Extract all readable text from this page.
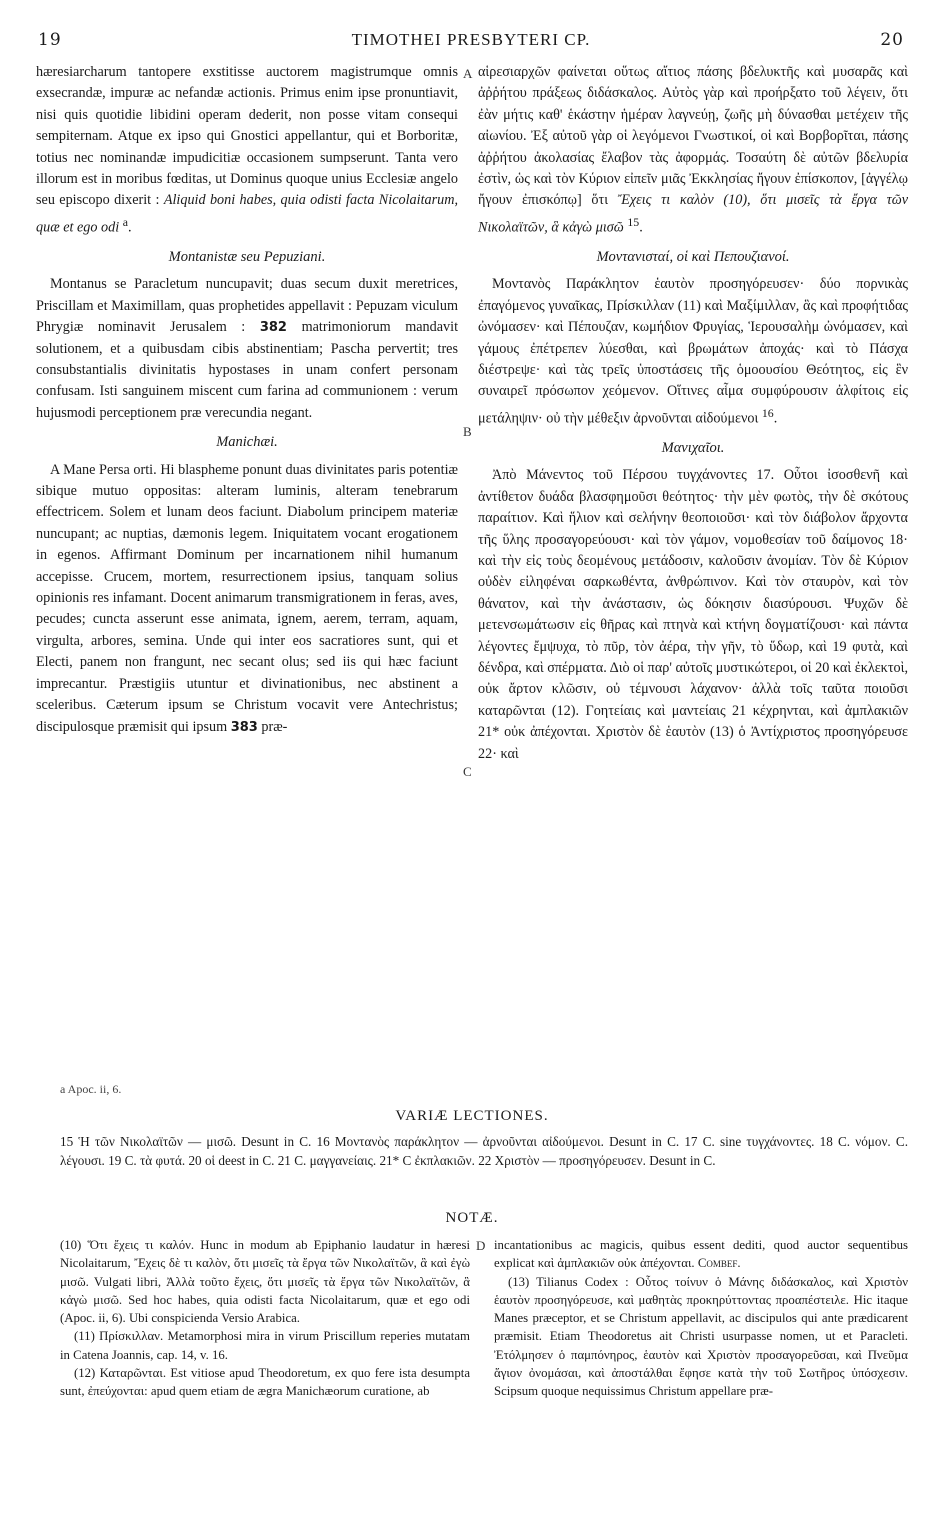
19	TIMOTHEI PRESBYTERI CP.	20

hæresiarcharum tantopere exstitisse auctorem magistrumque omnis exsecrandæ, impuræ ac nefandæ actionis. Primus enim ipse pronuntiavit, nisi quis quotidie libidini operam dederit, non posse vitam consequi sempiternam. Atque ex ipso qui Gnostici appellantur, qui et Borboritæ, totius nec nominandæ impudicitiæ occasionem sumpserunt. Tanta vero illorum est in moribus fœditas, ut Dominus quoque unius Ecclesiæ angelo seu episcopo dixerit : Aliquid boni habes, quia odisti facta Nicolaitarum, quæ et ego odi $^a$.

Montanistæ seu Pepuziani.

Montanus se Paracletum nuncupavit; duas secum duxit meretrices, Priscillam et Maximillam, quas prophetides appellavit : Pepuzam viculum Phrygiæ nominavit Jerusalem : 382 matrimoniorum mandavit solutionem, et a quibusdam cibis abstinentiam; Pascha pervertit; tres consubstantialis divinitatis hypostases in unam confert personam confusam. Isti sanguinem miscent cum farina ad communionem : verum hujusmodi perceptionem præ verecundia negant.

Manichæi.

A Mane Persa orti. Hi blaspheme ponunt duas divinitates paris potentiæ sibique mutuo oppositas: alteram luminis, alteram tenebrarum effectricem. Solem et lunam deos faciunt. Diabolum principem materiæ nuncupant; ac nuptias, dæmonis legem. Iniquitatem vocant erogationem in egenos. Affirmant Dominum per incarnationem nihil humanum accepisse. Crucem, mortem, resurrectionem ipsius, tanquam solius opinionis res infamant. Docent animarum transmigrationem in feras, aves, pecudes; cuncta asserunt esse animata, ignem, aerem, terram, aquam, virgulta, arbores, semina. Unde qui inter eos sacratiores sunt, qui et Electi, panem non frangunt, nec secant olus; sed iis qui hæc faciunt imprecantur. Præstigiis utuntur et divinationibus, nec abstinent a sceleribus. Cæterum ipsum se Christum vocavit vere Antechristus; discipulosque præmisit qui ipsum 383 præ-

A
B
C

αἱρεσιαρχῶν φαίνεται οὕτως αἴτιος πάσης βδελυκτῆς καὶ μυσαρᾶς καὶ ἀῤῥήτου πράξεως διδάσκαλος. Αὐτὸς γὰρ καὶ προήρξατο τοῦ λέγειν, ὅτι ἐὰν μήτις καθ' ἑκάστην ἡμέραν λαγνεύῃ, ζωῆς μὴ δύνασθαι μετέχειν τῆς αἰωνίου. Ἐξ αὐτοῦ γὰρ οἱ λεγόμενοι Γνωστικοί, οἱ καὶ Βορβορῖται, πάσης ἀῤῥήτου ἀκολασίας ἔλαβον τὰς ἀφορμάς. Τοσαύτη δὲ αὐτῶν βδελυρία ἐστὶν, ὡς καὶ τὸν Κύριον εἰπεῖν μιᾶς Ἐκκλησίας ἤγουν ἐπίσκοπον, [ἀγγέλῳ ἤγουν ἐπισκόπῳ] ὅτι Ἔχεις τι καλὸν (10), ὅτι μισεῖς τὰ ἔργα τῶν Νικολαϊτῶν, ἃ κἀγὼ μισῶ $^{15}$.

Μοντανισταί, οἱ καὶ Πεπουζιανοί.

Μοντανὸς Παράκλητον ἑαυτὸν προσηγόρευσεν· δύο πορνικὰς ἐπαγόμενος γυναῖκας, Πρίσκιλλαν (11) καὶ Μαξίμιλλαν, ἃς καὶ προφήτιδας ὠνόμασεν· καὶ Πέπουζαν, κωμήδιον Φρυγίας, Ἱερουσαλὴμ ὠνόμασεν, καὶ γάμους ἐπέτρεπεν λύεσθαι, καὶ βρωμάτων ἀποχάς· καὶ τὸ Πάσχα διέστρεψε· καὶ τὰς τρεῖς ὑποστάσεις τῆς ὁμοουσίου Θεότητος, εἰς ἓν συναιρεῖ πρόσωπον χεόμενον. Οἵτινες αἷμα συμφύρουσιν ἀλφίτοις εἰς μετάληψιν· οὐ τὴν μέθεξιν ἀρνοῦνται αἰδούμενοι $^{16}$.

Μανιχαῖοι.

Ἀπὸ Μάνεντος τοῦ Πέρσου τυγχάνοντες 17. Οὗτοι ἰσοσθενῆ καὶ ἀντίθετον δυάδα βλασφημοῦσι θεότητος· τὴν μὲν φωτὸς, τὴν δὲ σκότους παραίτιον. Καὶ ἥλιον καὶ σελήνην θεοποιοῦσι· καὶ τὸν διάβολον ἄρχοντα τῆς ὕλης προσαγορεύουσι· καὶ τὸν γάμον, νομοθεσίαν τοῦ δαίμονος 18· καὶ τὴν εἰς τοὺς δεομένους μετάδοσιν, καλοῦσιν ἀνομίαν. Τὸν δὲ Κύριον οὐδὲν εἰληφέναι σαρκωθέντα, ἀνθρώπινον. Καὶ τὸν σταυρὸν, καὶ τὸν θάνατον, καὶ τὴν ἀνάστασιν, ὡς δόκησιν διασύρουσι. Ψυχῶν δὲ μετενσωμάτωσιν εἰς θῆρας καὶ πτηνὰ καὶ κτήνη δογματίζουσι· καὶ πάντα λέγοντες ἔμψυχα, τὸ πῦρ, τὸν ἀέρα, τὴν γῆν, τὸ ὕδωρ, καὶ 19 φυτὰ, καὶ δένδρα, καὶ σπέρματα. Διὸ οἱ παρ' αὐτοῖς μυστικώτεροι, οἱ 20 καὶ ἐκλεκτοὶ, οὐκ ἄρτον κλῶσιν, οὐ τέμνουσι λάχανον· ἀλλὰ τοῖς ταῦτα ποιοῦσι καταρῶνται (12). Γοητείαις καὶ μαντείαις 21 κέχρηνται, καὶ ἀμπλακιῶν 21* οὐκ ἀπέχονται. Χριστὸν δὲ ἑαυτὸν (13) ὁ Ἀντίχριστος προσηγόρευσε 22· καὶ

a Apoc. ii, 6.
VARIÆ LECTIONES.
15 Ἡ τῶν Νικολαϊτῶν — μισῶ. Desunt in C. 16 Μοντανὸς παράκλητον — ἀρνοῦνται αἰδούμενοι. Desunt in C. 17 C. sine τυγχάνοντες. 18 C. νόμον. C. λέγουσι. 19 C. τὰ φυτά. 20 οἱ deest in C. 21 C. μαγγανείαις. 21* C ἐκπλακιῶν. 22 Χριστὸν — προσηγόρευσεν. Desunt in C.
NOTÆ.
D

(10) Ὅτι ἔχεις τι καλόν. Hunc in modum ab Epiphanio laudatur in hæresi Nicolaitarum, Ἔχεις δὲ τι καλὸν, ὅτι μισεῖς τὰ ἔργα τῶν Νικολαϊτῶν, ἃ καὶ ἐγὼ μισῶ. Vulgati libri, Ἀλλὰ τοῦτο ἔχεις, ὅτι μισεῖς τὰ ἔργα τῶν Νικολαϊτῶν, ἃ κἀγὼ μισῶ. Sed hoc habes, quia odisti facta Nicolaitarum, quæ et ego odi (Apoc. ii, 6). Ubi conspicienda Versio Arabica.

(11) Πρίσκιλλαν. Metamorphosi mira in virum Priscillum reperies mutatam in Catena Joannis, cap. 14, v. 16.

(12) Καταρῶνται. Est vitiose apud Theodoretum, ex quo fere ista desumpta sunt, ἐπεύχονται: apud quem etiam de ægra Manichæorum curatione, ab

incantationibus ac magicis, quibus essent dediti, quod auctor sequentibus explicat καὶ ἀμπλακιῶν οὐκ ἀπέχονται. Combef.

(13) Tilianus Codex : Οὗτος τοίνυν ὁ Μάνης διδάσκαλος, καὶ Χριστὸν ἑαυτὸν προσηγόρευσε, καὶ μαθητὰς προκηρύττοντας προαπέστειλε. Hic itaque Manes præceptor, et se Christum appellavit, ac discipulos qui ante prædicarent præmisit. Etiam Theodoretus ait Christi usurpasse nomen, ut et Paracleti. Ἐτόλμησεν ὁ παμπόνηρος, ἑαυτὸν καὶ Χριστὸν προσαγορεῦσαι, καὶ Πνεῦμα ἅγιον ὀνομάσαι, καὶ ἀποστάλθαι ἔφησε κατὰ τὴν τοῦ Σωτῆρος ὑπόσχεσιν. Scipsum quoque nequissimus Christum appellare præ-
